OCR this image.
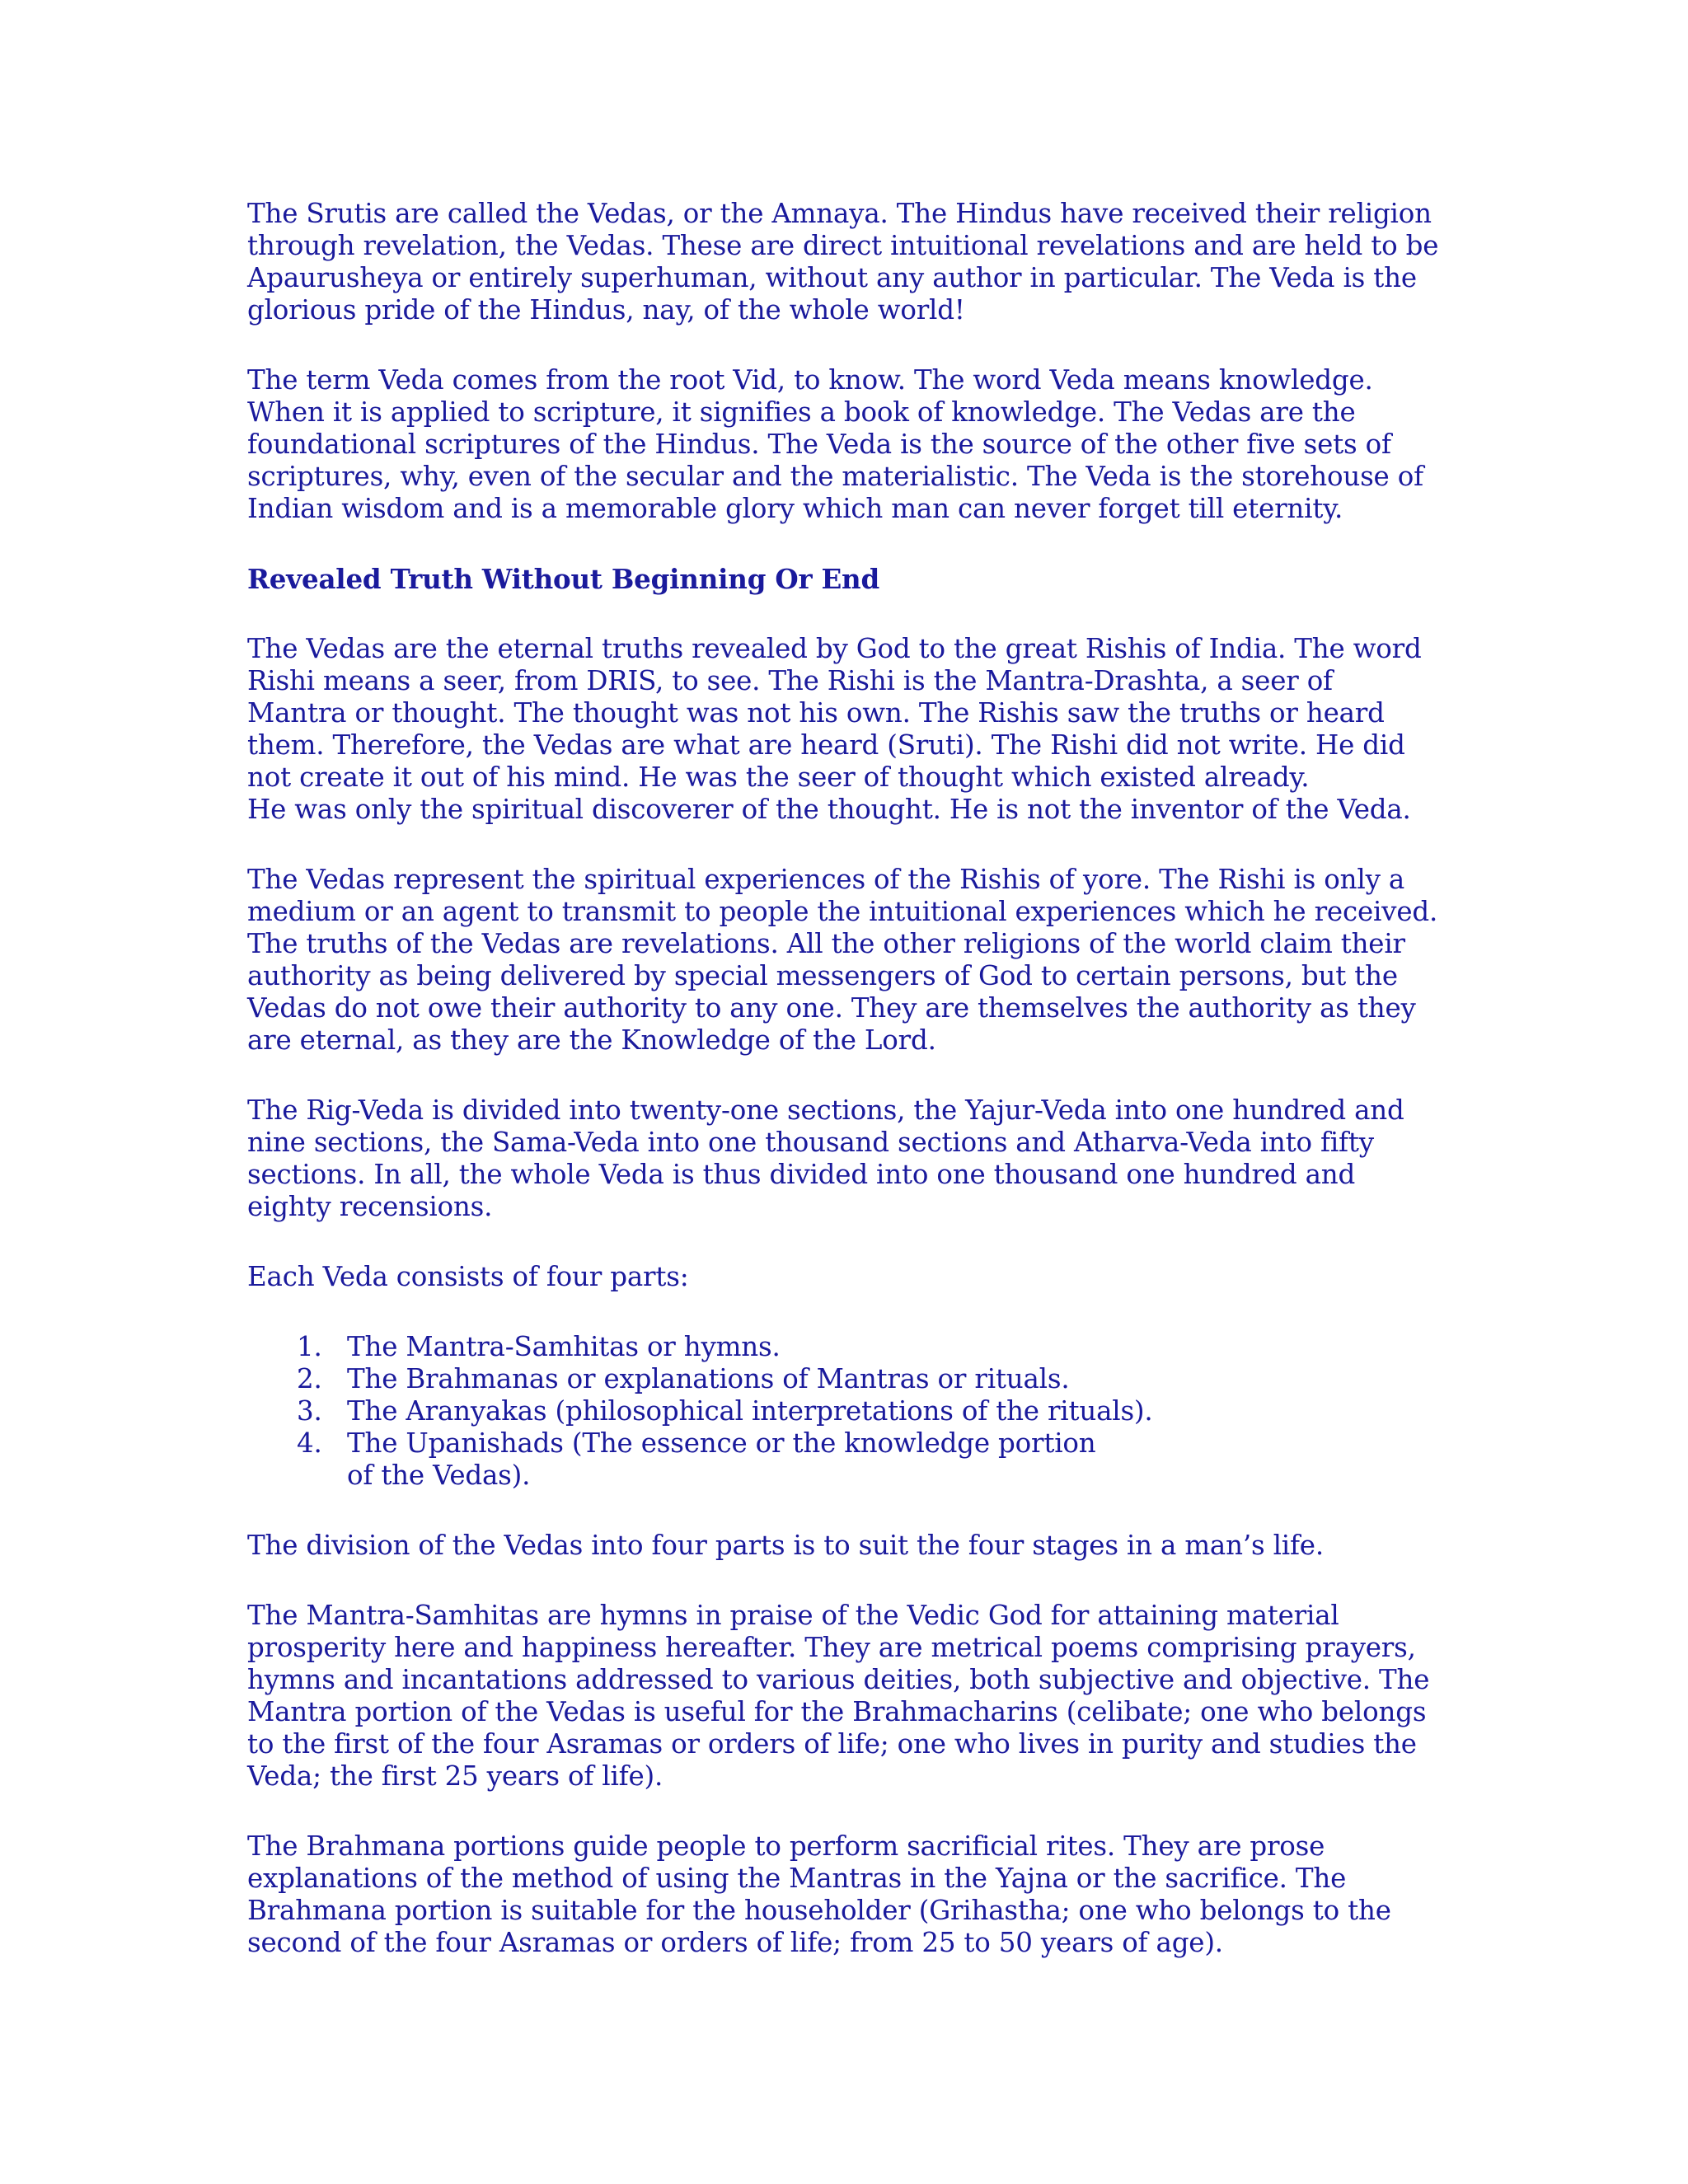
The Srutis are called the Vedas, or the Amnaya. The Hindus have received their religion
through revelation, the Vedas. These are direct intuitional revelations and are held to be
Apaurusheya or entirely superhuman, without any author in particular. The Veda is the
glorious pride of the Hindus, nay, of the whole world!
The term Veda comes from the root Vid, to know. The word Veda means knowledge.
When it is applied to scripture, it signifies a book of knowledge. The Vedas are the
foundational scriptures of the Hindus. The Veda is the source of the other five sets of
scriptures, why, even of the secular and the materialistic. The Veda is the storehouse of
Indian wisdom and is a memorable glory which man can never forget till eternity.
Revealed Truth Without Beginning Or End
The Vedas are the eternal truths revealed by God to the great Rishis of India. The word
Rishi means a seer, from DRIS, to see. The Rishi is the Mantra-Drashta, a seer of
Mantra or thought. The thought was not his own. The Rishis saw the truths or heard
them. Therefore, the Vedas are what are heard (Sruti). The Rishi did not write. He did
not create it out of his mind. He was the seer of thought which existed already.
He was only the spiritual discoverer of the thought. He is not the inventor of the Veda.
The Vedas represent the spiritual experiences of the Rishis of yore. The Rishi is only a
medium or an agent to transmit to people the intuitional experiences which he received.
The truths of the Vedas are revelations. All the other religions of the world claim their
authority as being delivered by special messengers of God to certain persons, but the
Vedas do not owe their authority to any one. They are themselves the authority as they
are eternal, as they are the Knowledge of the Lord.
The Rig-Veda is divided into twenty-one sections, the Yajur-Veda into one hundred and
nine sections, the Sama-Veda into one thousand sections and Atharva-Veda into fifty
sections. In all, the whole Veda is thus divided into one thousand one hundred and
eighty recensions.
Each Veda consists of four parts:
1. The Mantra-Samhitas or hymns.
2. The Brahmanas or explanations of Mantras or rituals.
3. The Aranyakas (philosophical interpretations of the rituals).
4. The Upanishads (The essence or the knowledge portion
of the Vedas).
The division of the Vedas into four parts is to suit the four stages in a man’s life.
The Mantra-Samhitas are hymns in praise of the Vedic God for attaining material
prosperity here and happiness hereafter. They are metrical poems comprising prayers,
hymns and incantations addressed to various deities, both subjective and objective. The
Mantra portion of the Vedas is useful for the Brahmacharins (celibate; one who belongs
to the first of the four Asramas or orders of life; one who lives in purity and studies the
Veda; the first 25 years of life).
The Brahmana portions guide people to perform sacrificial rites. They are prose
explanations of the method of using the Mantras in the Yajna or the sacrifice. The
Brahmana portion is suitable for the householder (Grihastha; one who belongs to the
second of the four Asramas or orders of life; from 25 to 50 years of age).
